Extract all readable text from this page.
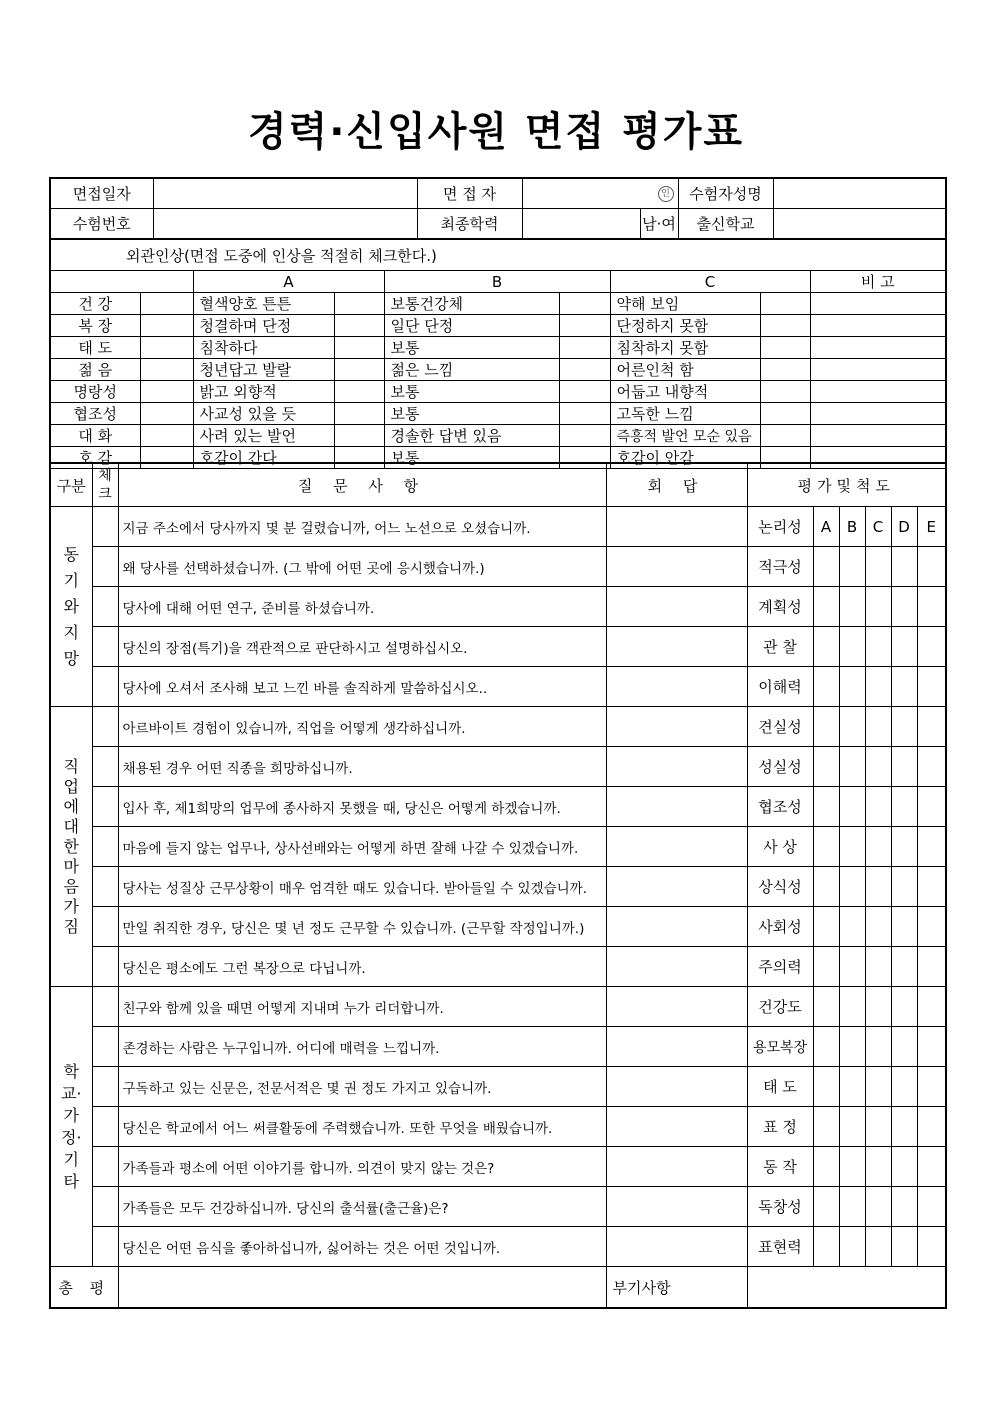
경력·신입사원 면접 평가표
면접일자		면 접 자	인		수험자성명	
수험번호		최종학력		남·여	출신학교	
외관인상(면접 도중에 인상을 적절히 체크한다.)								
		A		B		C		비 고
건 강		혈색양호 튼튼		보통건강체		약해 보임		
복 장		청결하며 단정		일단 단정		단정하지 못함		
태 도		침착하다		보통		침착하지 못함		
젊 음		청년답고 발랄		젊은 느낌		어른인척 함		
명랑성		밝고 외향적		보통		어둡고 내향적		
협조성		사교성 있을 듯		보통		고독한 느낌		
대 화		사려 있는 발언		경솔한 답변 있음		즉흥적 발언 모순 있음		
호 감		호감이 간다		보통		호감이 안감		
구분	체크	질 문 사 항	회 답	평가및척도					
동기와지망		지금 주소에서 당사까지 몇 분 걸렸습니까, 어느 노선으로 오셨습니까.		논리성	A	B	C	D	E
		왜 당사를 선택하셨습니까. (그 밖에 어떤 곳에 응시했습니까.)		적극성					
		당사에 대해 어떤 연구, 준비를 하셨습니까.		계획성					
		당신의 장점(특기)을 객관적으로 판단하시고 설명하십시오.		관 찰					
		당사에 오셔서 조사해 보고 느낀 바를 솔직하게 말씀하십시오..		이해력					
직업에대한마음가짐		아르바이트 경험이 있습니까, 직업을 어떻게 생각하십니까.		견실성					
		채용된 경우 어떤 직종을 희망하십니까.		성실성					
		입사 후, 제1희망의 업무에 종사하지 못했을 때, 당신은 어떻게 하겠습니까.		협조성					
		마음에 들지 않는 업무나, 상사선배와는 어떻게 하면 잘해 나갈 수 있겠습니까.		사 상					
		당사는 성질상 근무상황이 매우 엄격한 때도 있습니다. 받아들일 수 있겠습니까.		상식성					
		만일 취직한 경우, 당신은 몇 년 정도 근무할 수 있습니까. (근무할 작정입니까.)		사회성					
		당신은 평소에도 그런 복장으로 다닙니까.		주의력					
학교·가정·기타		친구와 함께 있을 때면 어떻게 지내며 누가 리더합니까.		건강도					
		존경하는 사람은 누구입니까. 어디에 매력을 느낍니까.		용모복장					
		구독하고 있는 신문은, 전문서적은 몇 권 정도 가지고 있습니까.		태 도					
		당신은 학교에서 어느 써클활동에 주력했습니까. 또한 무엇을 배웠습니까.		표 정					
		가족들과 평소에 어떤 이야기를 합니까. 의견이 맞지 않는 것은?		동 작					
		가족들은 모두 건강하십니까. 당신의 출석률(출근율)은?		독창성					
		당신은 어떤 음식을 좋아하십니까, 싫어하는 것은 어떤 것입니까.		표현력					
총 평			부기사항						
